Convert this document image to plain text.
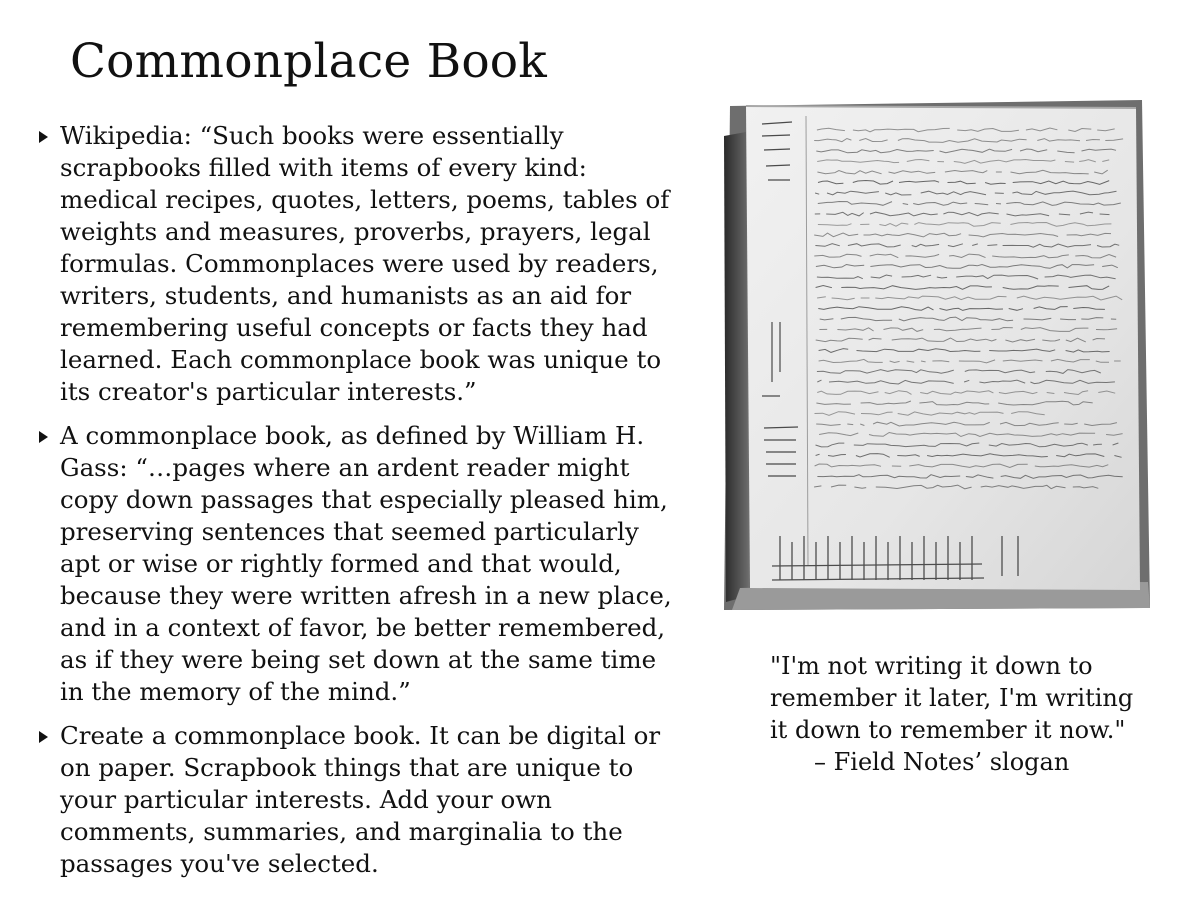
Commonplace Book
Wikipedia: “Such books were essentially scrapbooks filled with items of every kind: medical recipes, quotes, letters, poems, tables of weights and measures, proverbs, prayers, legal formulas. Commonplaces were used by readers, writers, students, and humanists as an aid for remembering useful concepts or facts they had learned. Each commonplace book was unique to its creator's particular interests.”
A commonplace book, as defined by William H. Gass: “…pages where an ardent reader might copy down passages that especially pleased him, preserving sentences that seemed particularly apt or wise or rightly formed and that would, because they were written afresh in a new place, and in a context of favor, be better remembered, as if they were being set down at the same time in the memory of the mind.”
Create a commonplace book. It can be digital or on paper. Scrapbook things that are unique to your particular interests. Add your own comments, summaries, and marginalia to the passages you've selected.

"I'm not writing it down to remember it later, I'm writing it down to remember it now."
– Field Notes’ slogan
